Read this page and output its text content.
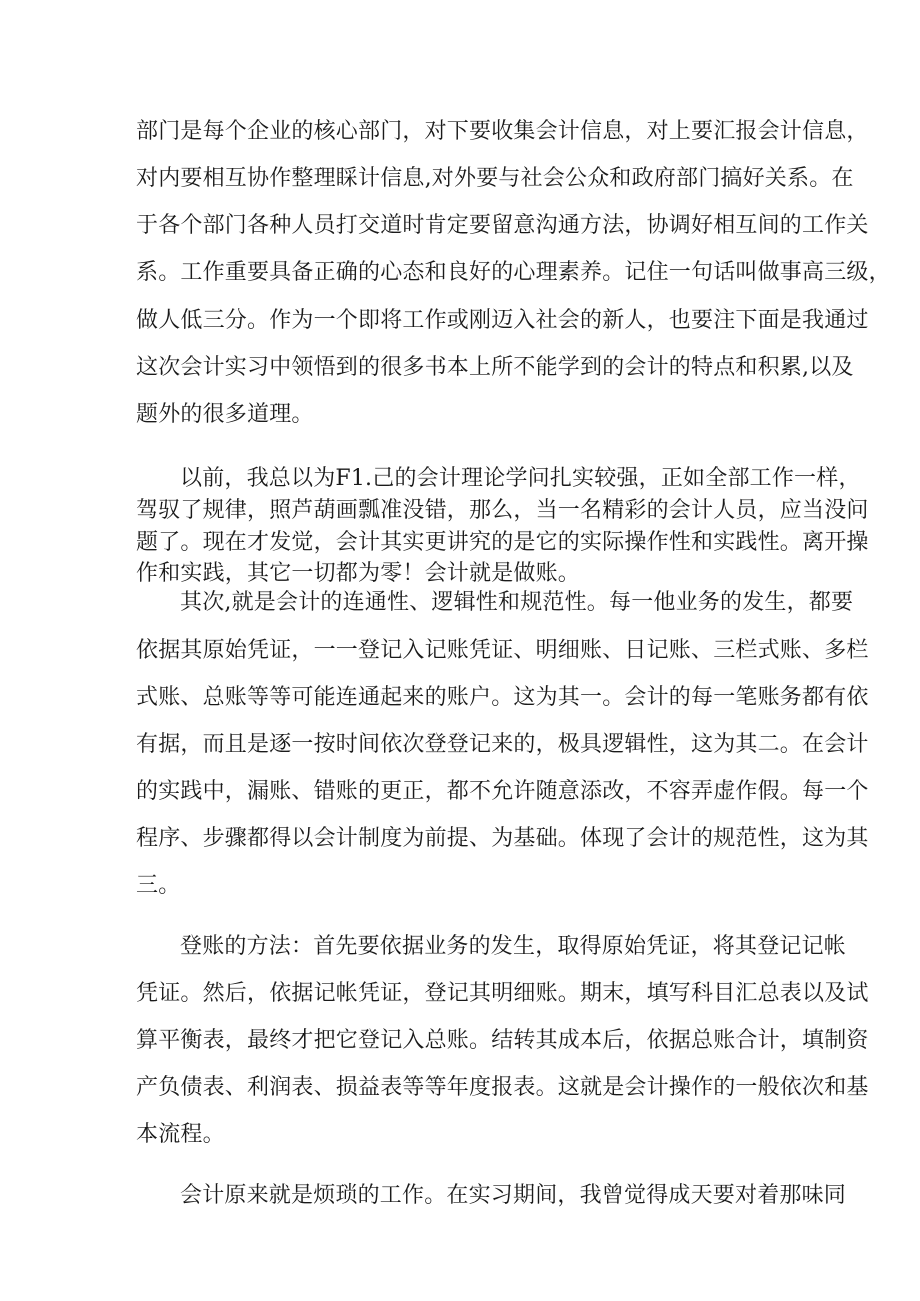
部门是每个企业的核心部门，对下要收集会计信息，对上要汇报会计信息，
对内要相互协作整理睬计信息,对外要与社会公众和政府部门搞好关系。在
于各个部门各种人员打交道时肯定要留意沟通方法，协调好相互间的工作关
系。工作重要具备正确的心态和良好的心理素养。记住一句话叫做事高三级，
做人低三分。作为一个即将工作或刚迈入社会的新人，也要注下面是我通过
这次会计实习中领悟到的很多书本上所不能学到的会计的特点和积累,以及
题外的很多道理。
以前，我总以为F1.己的会计理论学问扎实较强，正如全部工作一样，
驾驭了规律，照芦葫画瓢准没错，那么，当一名精彩的会计人员，应当没问
题了。现在才发觉，会计其实更讲究的是它的实际操作性和实践性。离开操
作和实践，其它一切都为零！会计就是做账。
其次,就是会计的连通性、逻辑性和规范性。每一他业务的发生，都要
依据其原始凭证，一一登记入记账凭证、明细账、日记账、三栏式账、多栏
式账、总账等等可能连通起来的账户。这为其一。会计的每一笔账务都有依
有据，而且是逐一按时间依次登登记来的，极具逻辑性，这为其二。在会计
的实践中，漏账、错账的更正，都不允许随意添改，不容弄虚作假。每一个
程序、步骤都得以会计制度为前提、为基础。体现了会计的规范性，这为其
三。
登账的方法：首先要依据业务的发生，取得原始凭证，将其登记记帐
凭证。然后，依据记帐凭证，登记其明细账。期末，填写科目汇总表以及试
算平衡表，最终才把它登记入总账。结转其成本后，依据总账合计，填制资
产负债表、利润表、损益表等等年度报表。这就是会计操作的一般依次和基
本流程。
会计原来就是烦琐的工作。在实习期间，我曾觉得成天要对着那味同
